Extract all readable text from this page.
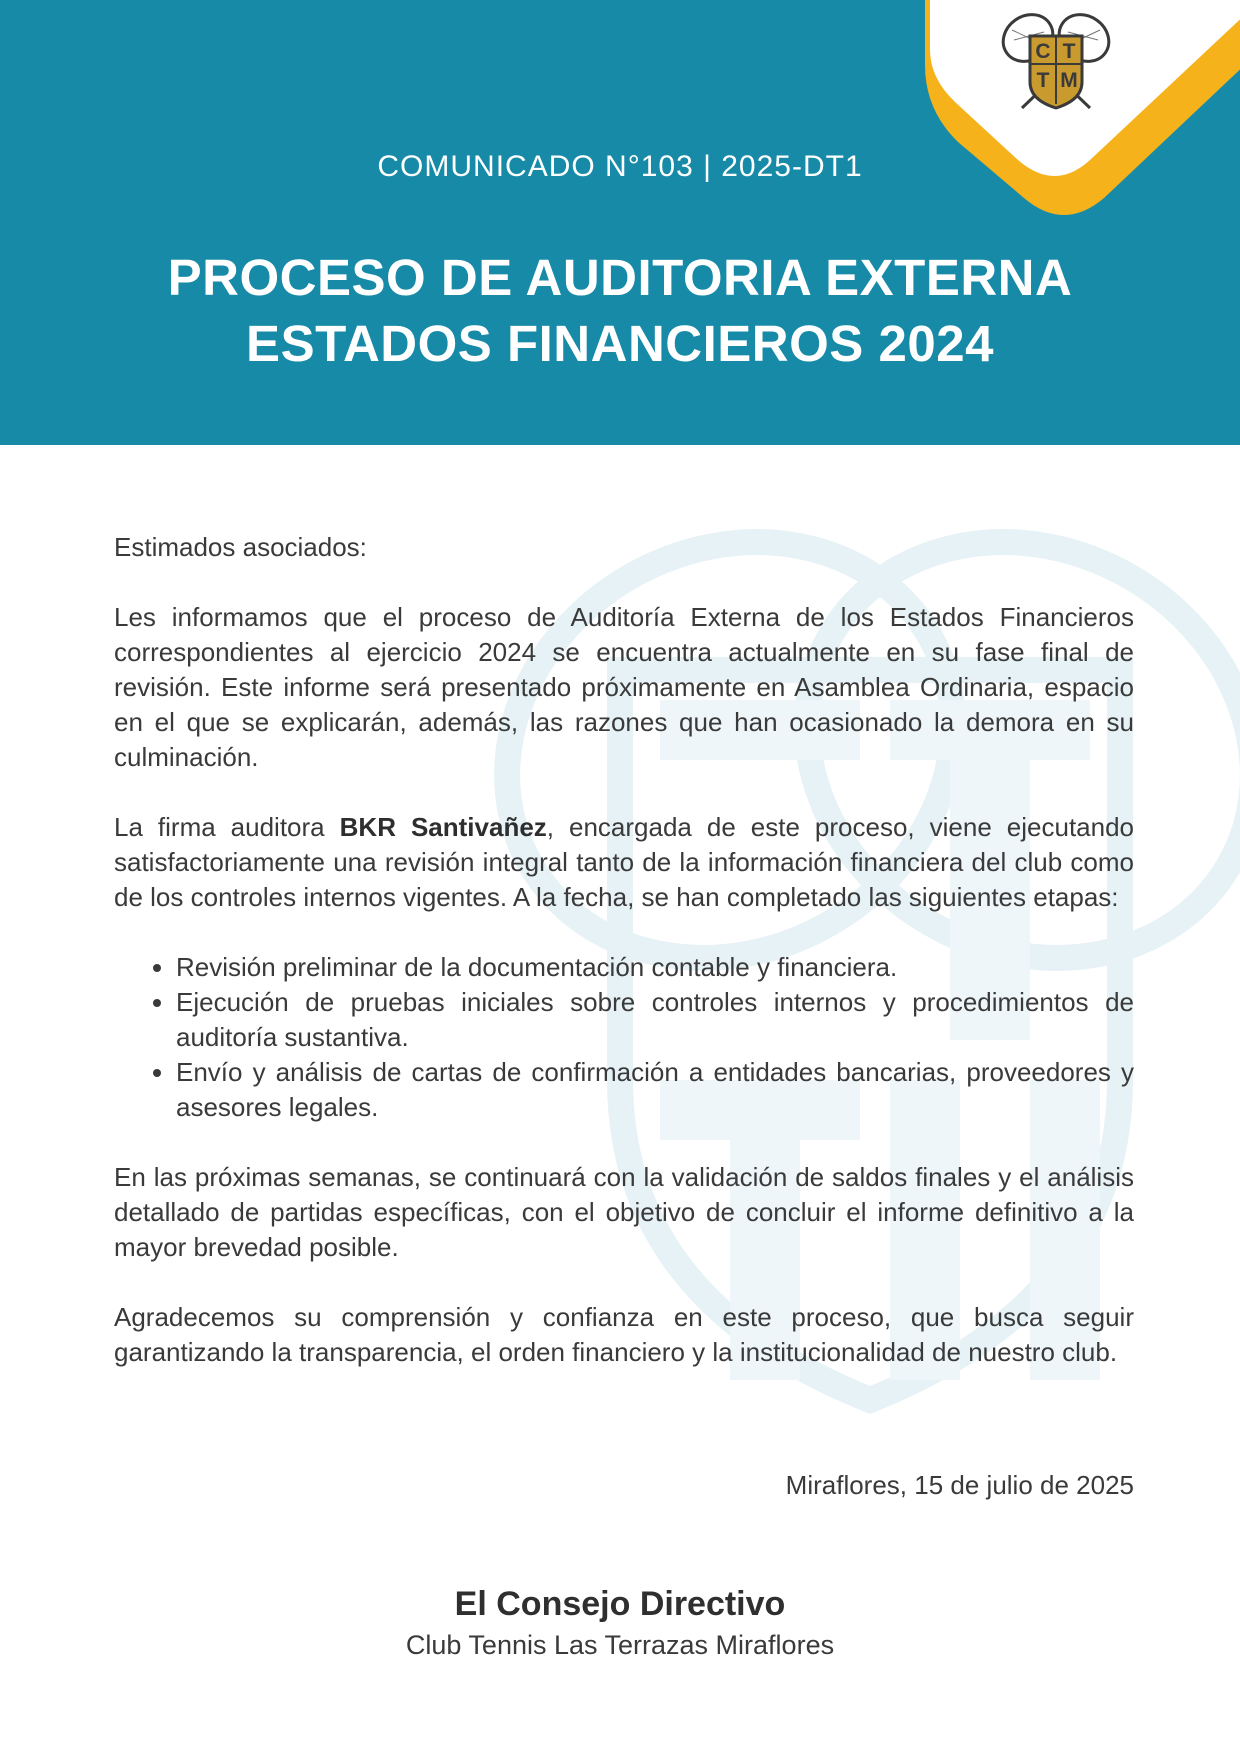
C T
T M
COMUNICADO N°103 | 2025-DT1
PROCESO DE AUDITORIA EXTERNA
ESTADOS FINANCIEROS 2024

Estimados asociados:

Les informamos que el proceso de Auditoría Externa de los Estados Financieros correspondientes al ejercicio 2024 se encuentra actualmente en su fase final de revisión. Este informe será presentado próximamente en Asamblea Ordinaria, espacio en el que se explicarán, además, las razones que han ocasionado la demora en su culminación.

La firma auditora BKR Santivañez, encargada de este proceso, viene ejecutando satisfactoriamente una revisión integral tanto de la información financiera del club como de los controles internos vigentes. A la fecha, se han completado las siguientes etapas:

• Revisión preliminar de la documentación contable y financiera.
• Ejecución de pruebas iniciales sobre controles internos y procedimientos de auditoría sustantiva.
• Envío y análisis de cartas de confirmación a entidades bancarias, proveedores y asesores legales.

En las próximas semanas, se continuará con la validación de saldos finales y el análisis detallado de partidas específicas, con el objetivo de concluir el informe definitivo a la mayor brevedad posible.

Agradecemos su comprensión y confianza en este proceso, que busca seguir garantizando la transparencia, el orden financiero y la institucionalidad de nuestro club.

Miraflores, 15 de julio de 2025
El Consejo Directivo
Club Tennis Las Terrazas Miraflores
